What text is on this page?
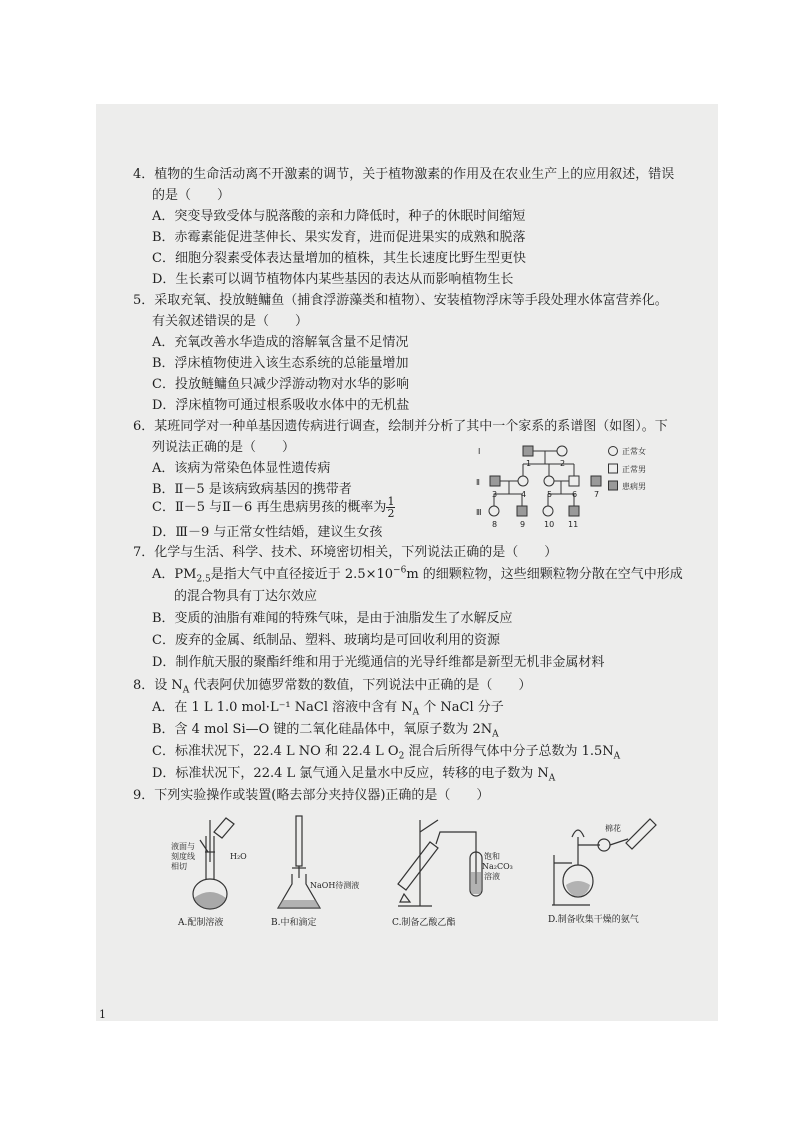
4．植物的生命活动离不开激素的调节，关于植物激素的作用及在农业生产上的应用叙述，错误
的是（　　）
A．突变导致受体与脱落酸的亲和力降低时，种子的休眠时间缩短
B．赤霉素能促进茎伸长、果实发育，进而促进果实的成熟和脱落
C．细胞分裂素受体表达量增加的植株，其生长速度比野生型更快
D．生长素可以调节植物体内某些基因的表达从而影响植物生长
5．采取充氧、投放鲢鳙鱼（捕食浮游藻类和植物）、安装植物浮床等手段处理水体富营养化。
有关叙述错误的是（　　）
A．充氧改善水华造成的溶解氧含量不足情况
B．浮床植物使进入该生态系统的总能量增加
C．投放鲢鳙鱼只减少浮游动物对水华的影响
D．浮床植物可通过根系吸收水体中的无机盐
6．某班同学对一种单基因遗传病进行调查，绘制并分析了其中一个家系的系谱图（如图）。下
列说法正确的是（　　）
A．该病为常染色体显性遗传病
B．Ⅱ－5 是该病致病基因的携带者
C．Ⅱ－5 与Ⅱ－6 再生患病男孩的概率为 $\frac{1}{2}$
D．Ⅲ－9 与正常女性结婚，建议生女孩
Ⅰ
Ⅱ
Ⅲ
1	2
3	4	5 6 7
8	9 10 11
正常女
正常男
患病男
7．化学与生活、科学、技术、环境密切相关，下列说法正确的是（　　）
A．$PM_{2.5}$是指大气中直径接近于 $2.5\times 10^{-6}m$ 的细颗粒物，这些细颗粒物分散在空气中形成
的混合物具有丁达尔效应
B．变质的油脂有难闻的特殊气味，是由于油脂发生了水解反应
C．废弃的金属、纸制品、塑料、玻璃均是可回收利用的资源
D．制作航天服的聚酯纤维和用于光缆通信的光导纤维都是新型无机非金属材料
8．设 $N_A$ 代表阿伏加德罗常数的数值，下列说法中正确的是（　　）
A．在 1 L 1.0 mol·L⁻¹ NaCl 溶液中含有 $N_A$ 个 NaCl 分子
B．含 4 mol Si—O 键的二氧化硅晶体中，氧原子数为 $2N_A$
C．标准状况下，22.4 L NO 和 22.4 L $O_2$ 混合后所得气体中分子总数为 $1.5N_A$
D．标准状况下，22.4 L 氯气通入足量水中反应，转移的电子数为 $N_A$
9．下列实验操作或装置(略去部分夹持仪器)正确的是（　　）
液面与
刻度线
相切
H₂O
A.配制溶液
NaOH待测液
B.中和滴定
饱和
Na₂CO₃
溶液
C.制备乙酸乙酯
棉花
D.制备收集干燥的氨气
1
